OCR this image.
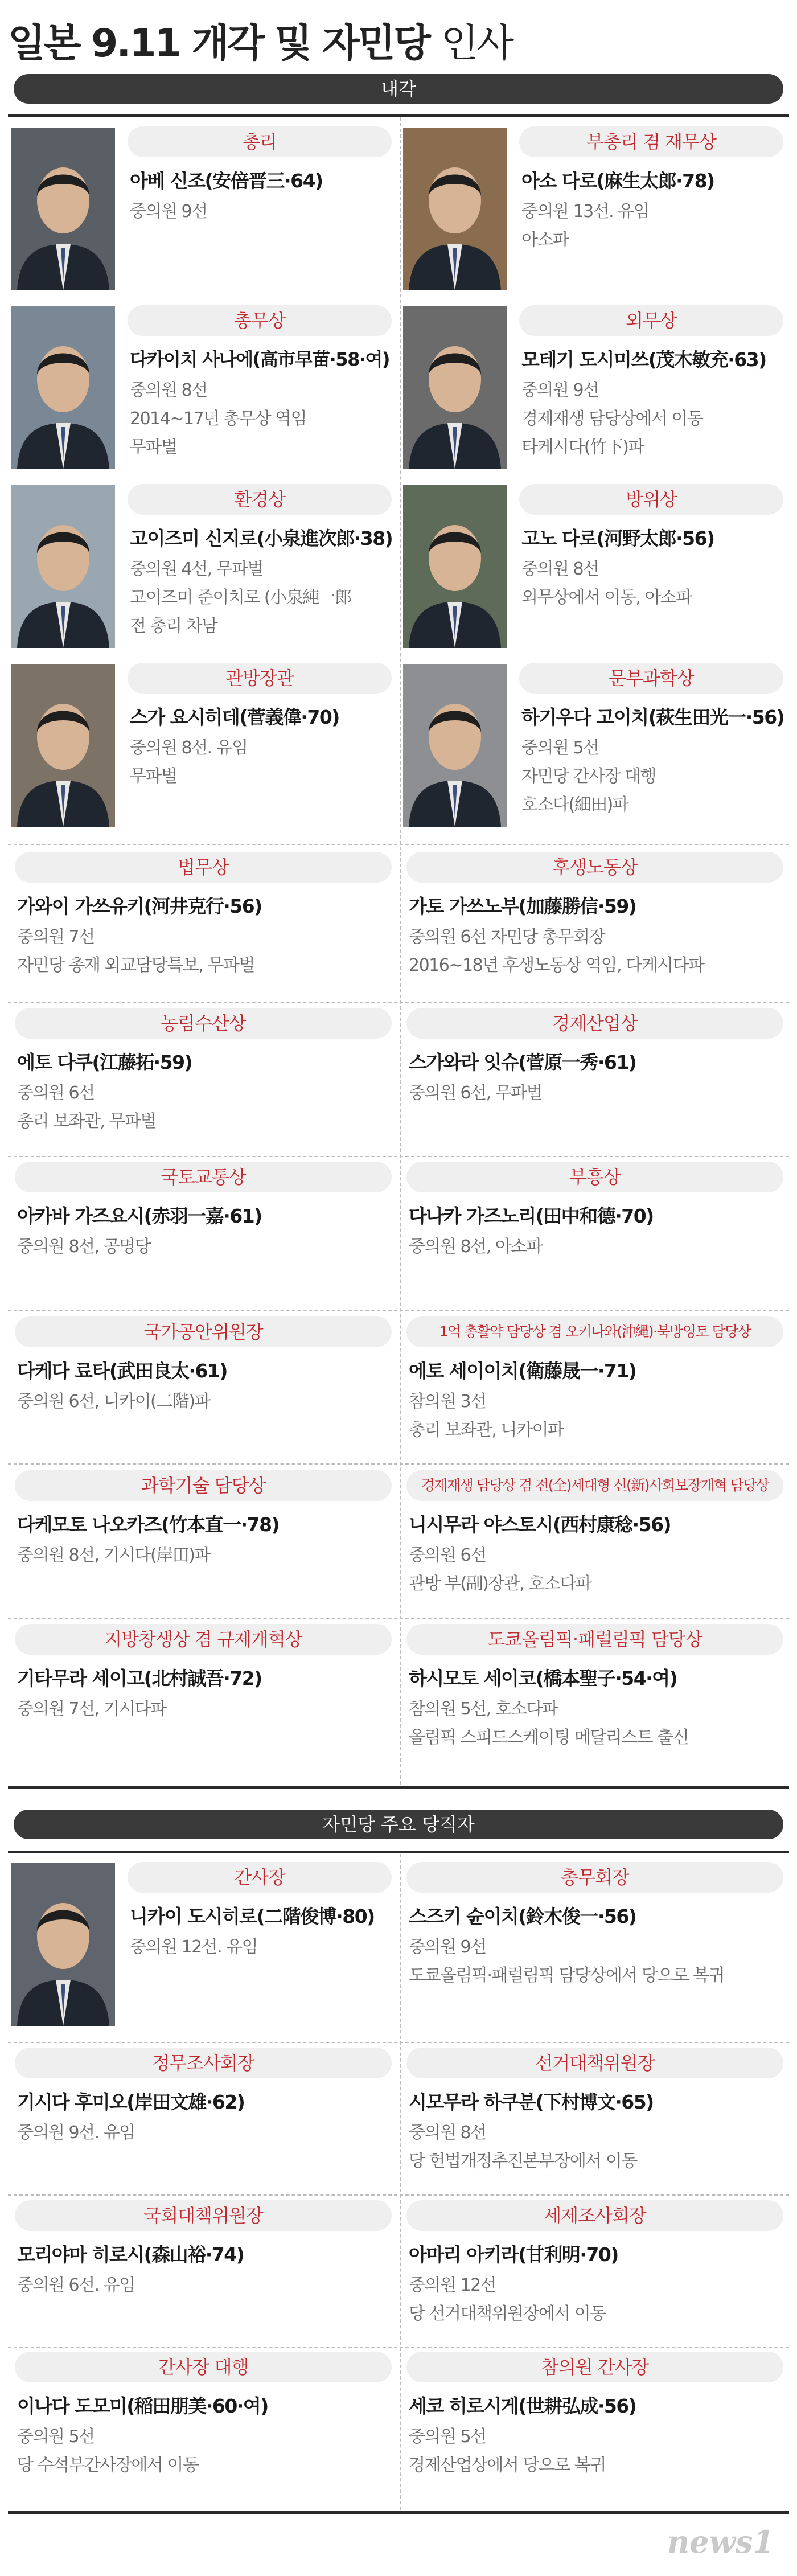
일본 9.11 개각 및 자민당 인사
내각
자민당 주요 당직자
총리
아베 신조(安倍晋三·64)
중의원 9선
부총리 겸 재무상
아소 다로(麻生太郎·78)
중의원 13선. 유임
아소파
총무상
다카이치 사나에(高市早苗·58·여)
중의원 8선
2014~17년 총무상 역임
무파벌
외무상
모테기 도시미쓰(茂木敏充·63)
중의원 9선
경제재생 담당상에서 이동
타케시다(竹下)파
환경상
고이즈미 신지로(小泉進次郎·38)
중의원 4선, 무파벌
고이즈미 준이치로 (小泉純一郎
전 총리 차남
방위상
고노 다로(河野太郎·56)
중의원 8선
외무상에서 이동, 아소파
관방장관
스가 요시히데(菅義偉·70)
중의원 8선. 유임
무파벌
문부과학상
하기우다 고이치(萩生田光一·56)
중의원 5선
자민당 간사장 대행
호소다(細田)파
법무상
가와이 가쓰유키(河井克行·56)
중의원 7선
자민당 총재 외교담당특보, 무파벌
후생노동상
가토 가쓰노부(加藤勝信·59)
중의원 6선 자민당 총무회장
2016~18년 후생노동상 역임, 다케시다파
농림수산상
에토 다쿠(江藤拓·59)
중의원 6선
총리 보좌관, 무파벌
경제산업상
스가와라 잇슈(菅原一秀·61)
중의원 6선, 무파벌
국토교통상
아카바 가즈요시(赤羽一嘉·61)
중의원 8선, 공명당
부흥상
다나카 가즈노리(田中和德·70)
중의원 8선, 아소파
국가공안위원장
다케다 료타(武田良太·61)
중의원 6선, 니카이(二階)파
1억 총활약 담당상 겸 오키나와(沖縄)·북방영토 담당상
에토 세이이치(衛藤晟一·71)
참의원 3선
총리 보좌관, 니카이파
과학기술 담당상
다케모토 나오카즈(竹本直一·78)
중의원 8선, 기시다(岸田)파
경제재생 담당상 겸 전(全)세대형 신(新)사회보장개혁 담당상
니시무라 야스토시(西村康稔·56)
중의원 6선
관방 부(副)장관, 호소다파
지방창생상 겸 규제개혁상
기타무라 세이고(北村誠吾·72)
중의원 7선, 기시다파
도쿄올림픽·패럴림픽 담당상
하시모토 세이코(橋本聖子·54·여)
참의원 5선, 호소다파
올림픽 스피드스케이팅 메달리스트 출신
간사장
니카이 도시히로(二階俊博·80)
중의원 12선. 유임
총무회장
스즈키 슌이치(鈴木俊一·56)
중의원 9선
도쿄올림픽·패럴림픽 담당상에서 당으로 복귀
정무조사회장
기시다 후미오(岸田文雄·62)
중의원 9선. 유임
선거대책위원장
시모무라 하쿠분(下村博文·65)
중의원 8선
당 헌법개정추진본부장에서 이동
국회대책위원장
모리야마 히로시(森山裕·74)
중의원 6선. 유임
세제조사회장
아마리 아키라(甘利明·70)
중의원 12선
당 선거대책위원장에서 이동
간사장 대행
이나다 도모미(稲田朋美·60·여)
중의원 5선
당 수석부간사장에서 이동
참의원 간사장
세코 히로시게(世耕弘成·56)
중의원 5선
경제산업상에서 당으로 복귀
news1
